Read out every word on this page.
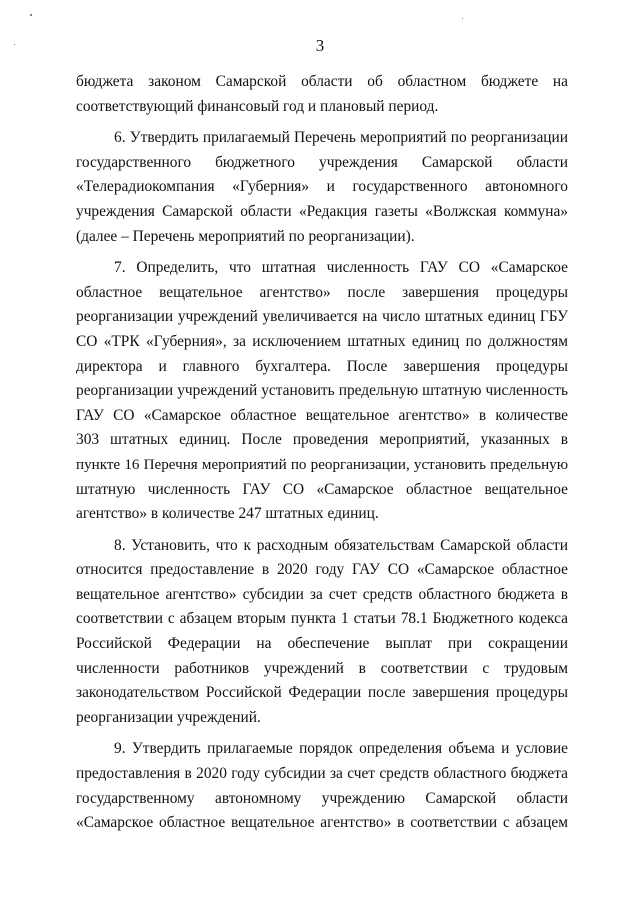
3

бюджета законом Самарской области об областном бюджете на
соответствующий финансовый год и плановый период.

6. Утвердить прилагаемый Перечень мероприятий по реорганизации
государственного бюджетного учреждения Самарской области
«Телерадиокомпания «Губерния» и государственного автономного
учреждения Самарской области «Редакция газеты «Волжская коммуна»
(далее – Перечень мероприятий по реорганизации).

7. Определить, что штатная численность ГАУ СО «Самарское
областное вещательное агентство» после завершения процедуры
реорганизации учреждений увеличивается на число штатных единиц ГБУ
СО «ТРК «Губерния», за исключением штатных единиц по должностям
директора и главного бухгалтера. После завершения процедуры
реорганизации учреждений установить предельную штатную численность
ГАУ СО «Самарское областное вещательное агентство» в количестве
303 штатных единиц. После проведения мероприятий, указанных в
пункте 16 Перечня мероприятий по реорганизации, установить предельную
штатную численность ГАУ СО «Самарское областное вещательное
агентство» в количестве 247 штатных единиц.

8. Установить, что к расходным обязательствам Самарской области
относится предоставление в 2020 году ГАУ СО «Самарское областное
вещательное агентство» субсидии за счет средств областного бюджета в
соответствии с абзацем вторым пункта 1 статьи 78.1 Бюджетного кодекса
Российской Федерации на обеспечение выплат при сокращении
численности работников учреждений в соответствии с трудовым
законодательством Российской Федерации после завершения процедуры
реорганизации учреждений.

9. Утвердить прилагаемые порядок определения объема и условие
предоставления в 2020 году субсидии за счет средств областного бюджета
государственному автономному учреждению Самарской области
«Самарское областное вещательное агентство» в соответствии с абзацем
